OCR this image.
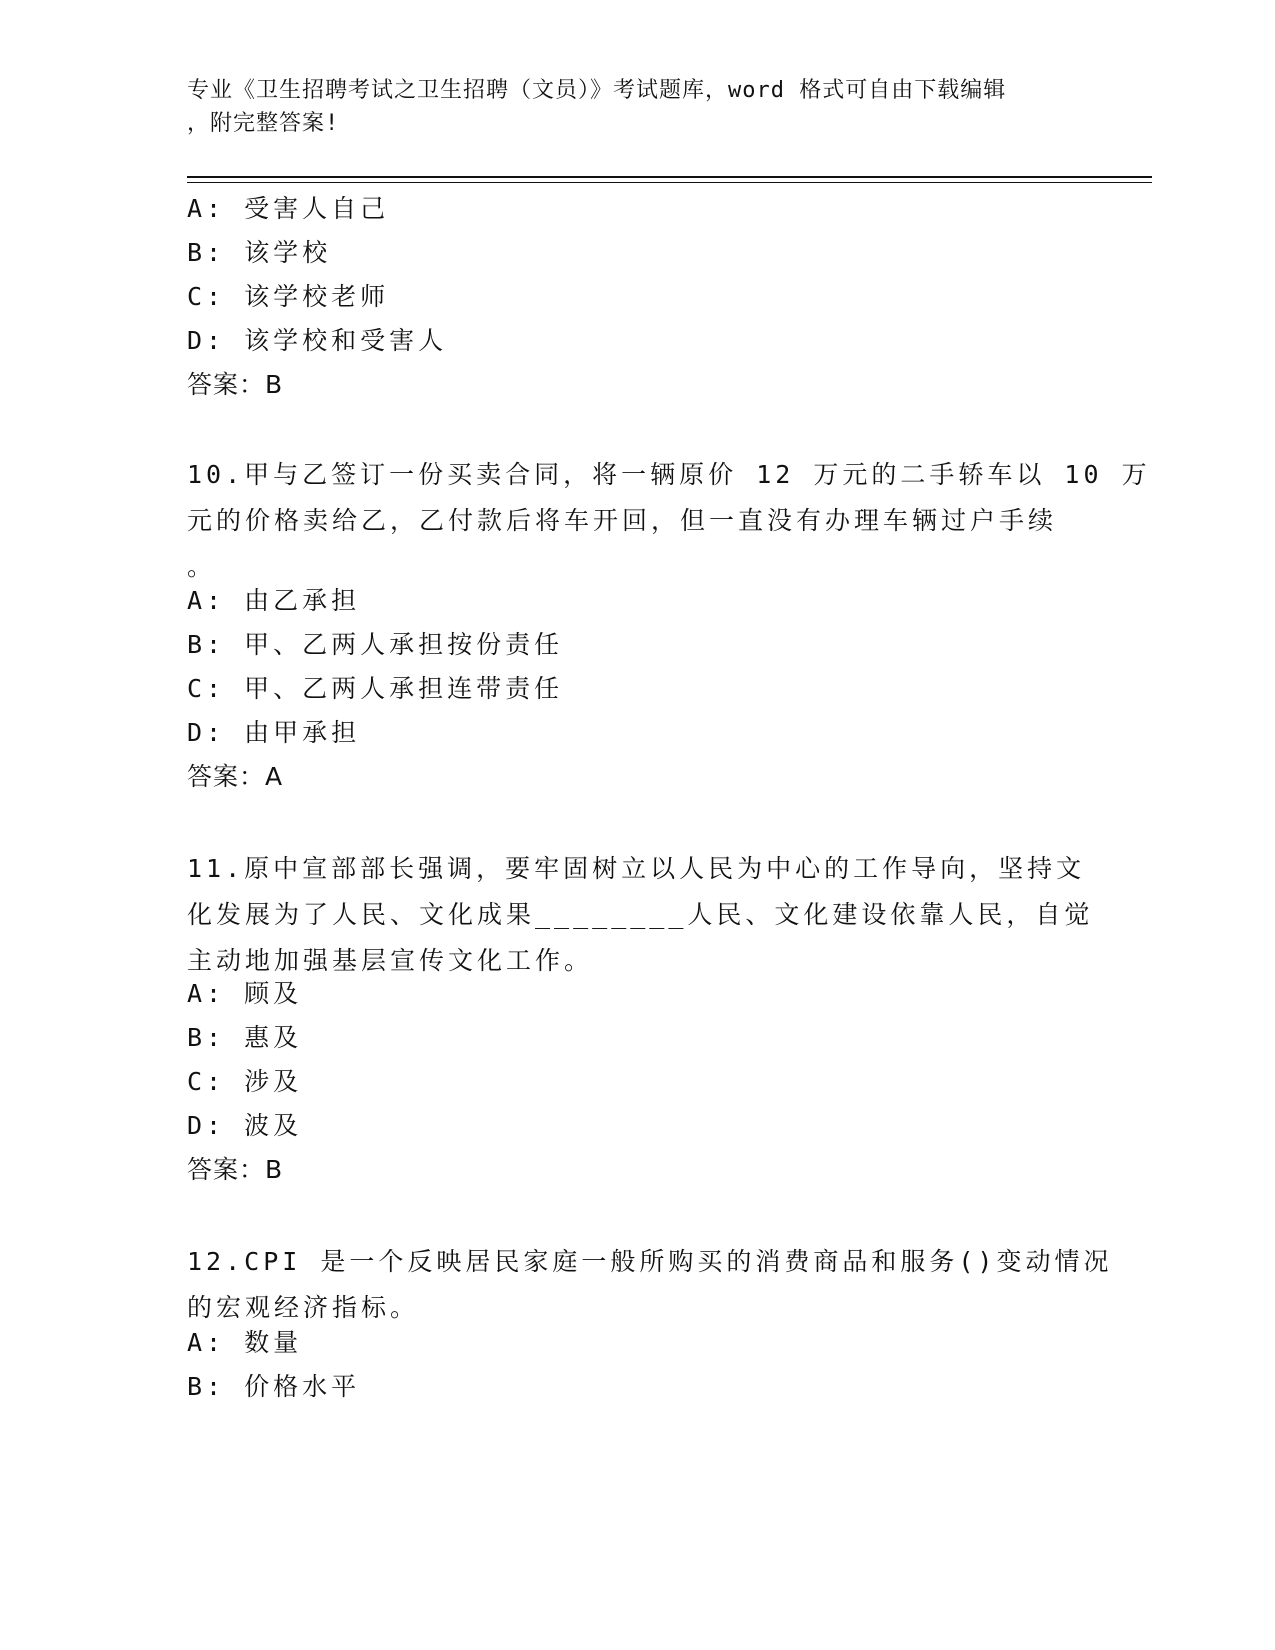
专业《卫生招聘考试之卫生招聘（文员）》考试题库，word 格式可自由下载编辑
，附完整答案!
A: 受害人自己
B: 该学校
C: 该学校老师
D: 该学校和受害人
答案：B
10.甲与乙签订一份买卖合同，将一辆原价 12 万元的二手轿车以 10 万
元的价格卖给乙，乙付款后将车开回，但一直没有办理车辆过户手续
。
A: 由乙承担
B: 甲、乙两人承担按份责任
C: 甲、乙两人承担连带责任
D: 由甲承担
答案：A
11.原中宣部部长强调，要牢固树立以人民为中心的工作导向，坚持文
化发展为了人民、文化成果________人民、文化建设依靠人民，自觉
主动地加强基层宣传文化工作。
A: 顾及
B: 惠及
C: 涉及
D: 波及
答案：B
12.CPI 是一个反映居民家庭一般所购买的消费商品和服务()变动情况
的宏观经济指标。
A: 数量
B: 价格水平
